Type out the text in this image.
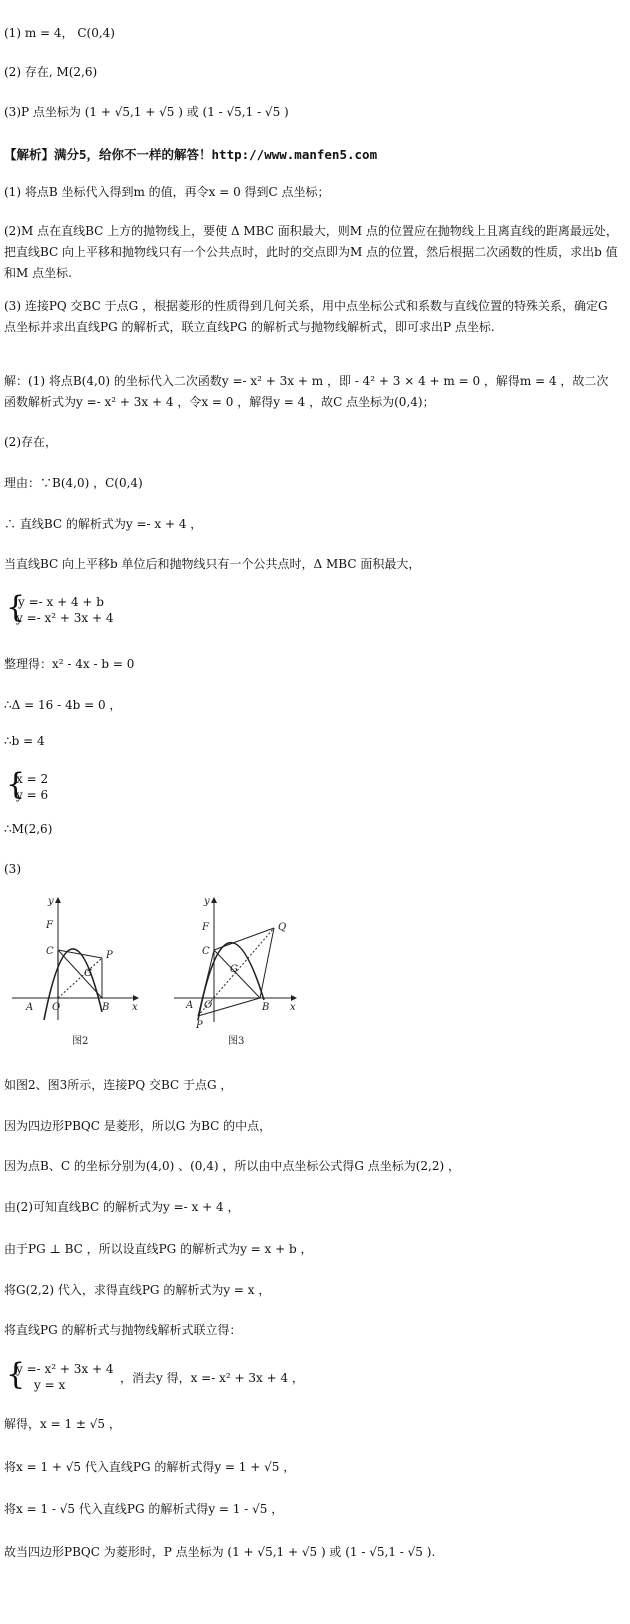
(1) m = 4， C(0,4)
(2) 存在, M(2,6)
(3)P 点坐标为 (1 + √5,1 + √5 ) 或 (1 - √5,1 - √5 )
【解析】满分5，给你不一样的解答！http://www.manfen5.com
(1) 将点B 坐标代入得到m 的值，再令x = 0 得到C 点坐标；
(2)M 点在直线BC 上方的抛物线上，要使 Δ MBC 面积最大，则M 点的位置应在抛物线上且离直线的距离最远处，把直线BC 向上平移和抛物线只有一个公共点时，此时的交点即为M 点的位置，然后根据二次函数的性质，求出b 值和M 点坐标.
(3) 连接PQ 交BC 于点G ，根据菱形的性质得到几何关系，用中点坐标公式和系数与直线位置的特殊关系，确定G 点坐标并求出直线PG 的解析式，联立直线PG 的解析式与抛物线解析式，即可求出P 点坐标.
解：(1) 将点B(4,0) 的坐标代入二次函数y =- x² + 3x + m ，即 - 4² + 3 × 4 + m = 0 ，解得m = 4 ，故二次函数解析式为y =- x² + 3x + 4 ，令x = 0 ，解得y = 4 ，故C 点坐标为(0,4)；
(2)存在，
理由：∵B(4,0) ，C(0,4)
∴ 直线BC 的解析式为y =- x + 4 ，
当直线BC 向上平移b 单位后和抛物线只有一个公共点时，Δ MBC 面积最大，
{
y =- x + 4 + b
y =- x² + 3x + 4
整理得：x² - 4x - b = 0
∴Δ = 16 - 4b = 0 ，
∴b = 4
{
x = 2
y = 6
∴M(2,6)
(3)
y
F
C	P
G
A O	B x
图2
y
F
C
Q
G
A O
P
B x
图3
如图2、图3所示，连接PQ 交BC 于点G ，
因为四边形PBQC 是菱形，所以G 为BC 的中点，
因为点B、C 的坐标分别为(4,0) 、(0,4) ，所以由中点坐标公式得G 点坐标为(2,2) ，
由(2)可知直线BC 的解析式为y =- x + 4 ，
由于PG ⊥ BC ，所以设直线PG 的解析式为y = x + b ，
将G(2,2) 代入，求得直线PG 的解析式为y = x ，
将直线PG 的解析式与抛物线解析式联立得：
{
y =- x² + 3x + 4
y = x	，消去y 得，x =- x² + 3x + 4 ，
解得，x = 1 ± √5 ，
将x = 1 + √5 代入直线PG 的解析式得y = 1 + √5 ，
将x = 1 - √5 代入直线PG 的解析式得y = 1 - √5 ，
故当四边形PBQC 为菱形时，P 点坐标为 (1 + √5,1 + √5 ) 或 (1 - √5,1 - √5 ).
